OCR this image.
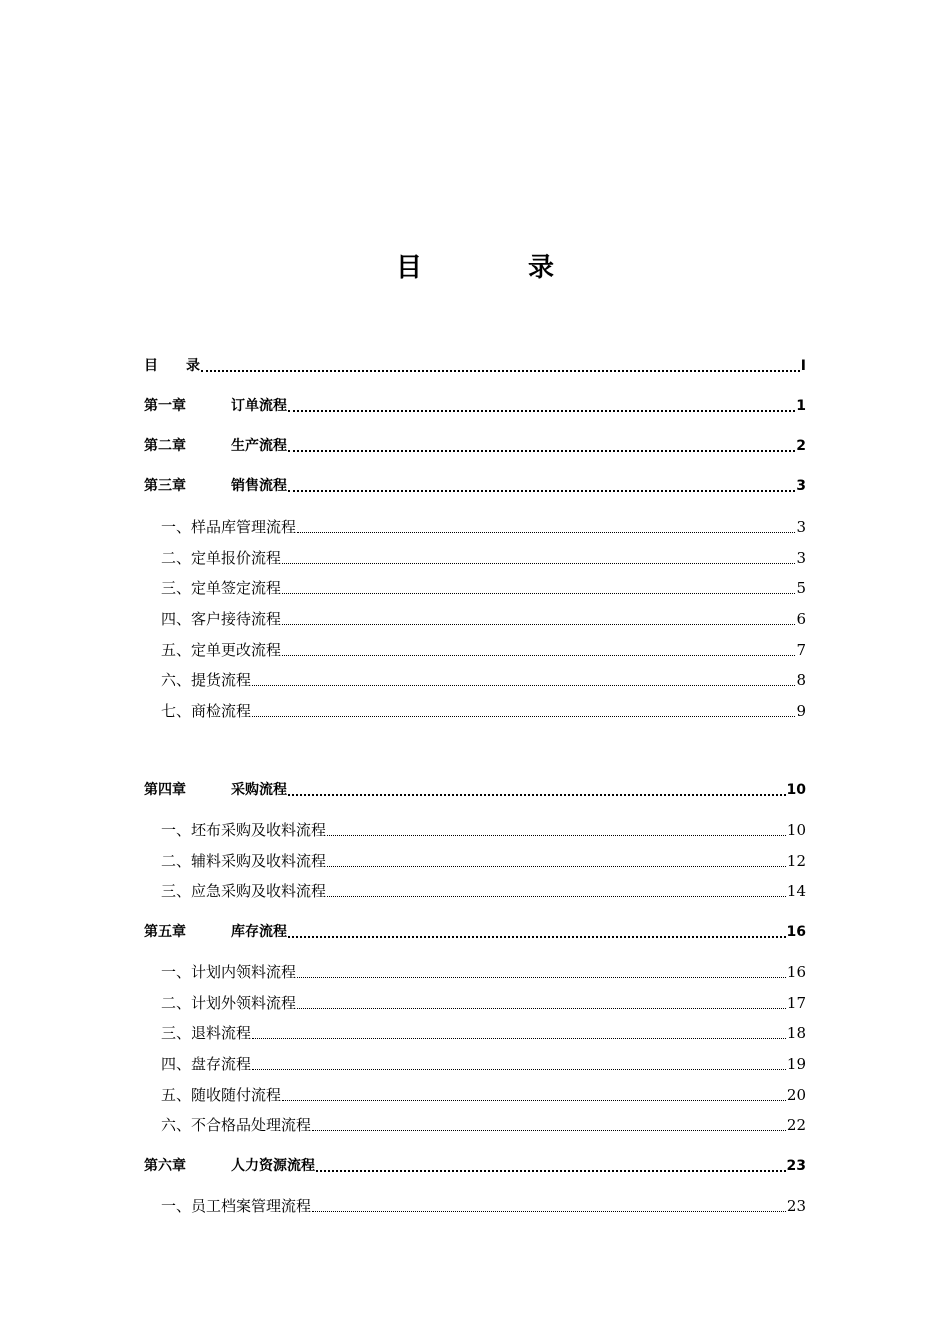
目　录
目	录	I
第一章	订单流程	1
第二章	生产流程	2
第三章	销售流程	3
一、样品库管理流程	3
二、定单报价流程	3
三、定单签定流程	5
四、客户接待流程	6
五、定单更改流程	7
六、提货流程	8
七、商检流程	9
第四章	采购流程	10
一、坯布采购及收料流程	10
二、辅料采购及收料流程	12
三、应急采购及收料流程	14
第五章	库存流程	16
一、计划内领料流程	16
二、计划外领料流程	17
三、退料流程	18
四、盘存流程	19
五、随收随付流程	20
六、不合格品处理流程	22
第六章	人力资源流程	23
一、员工档案管理流程	23
